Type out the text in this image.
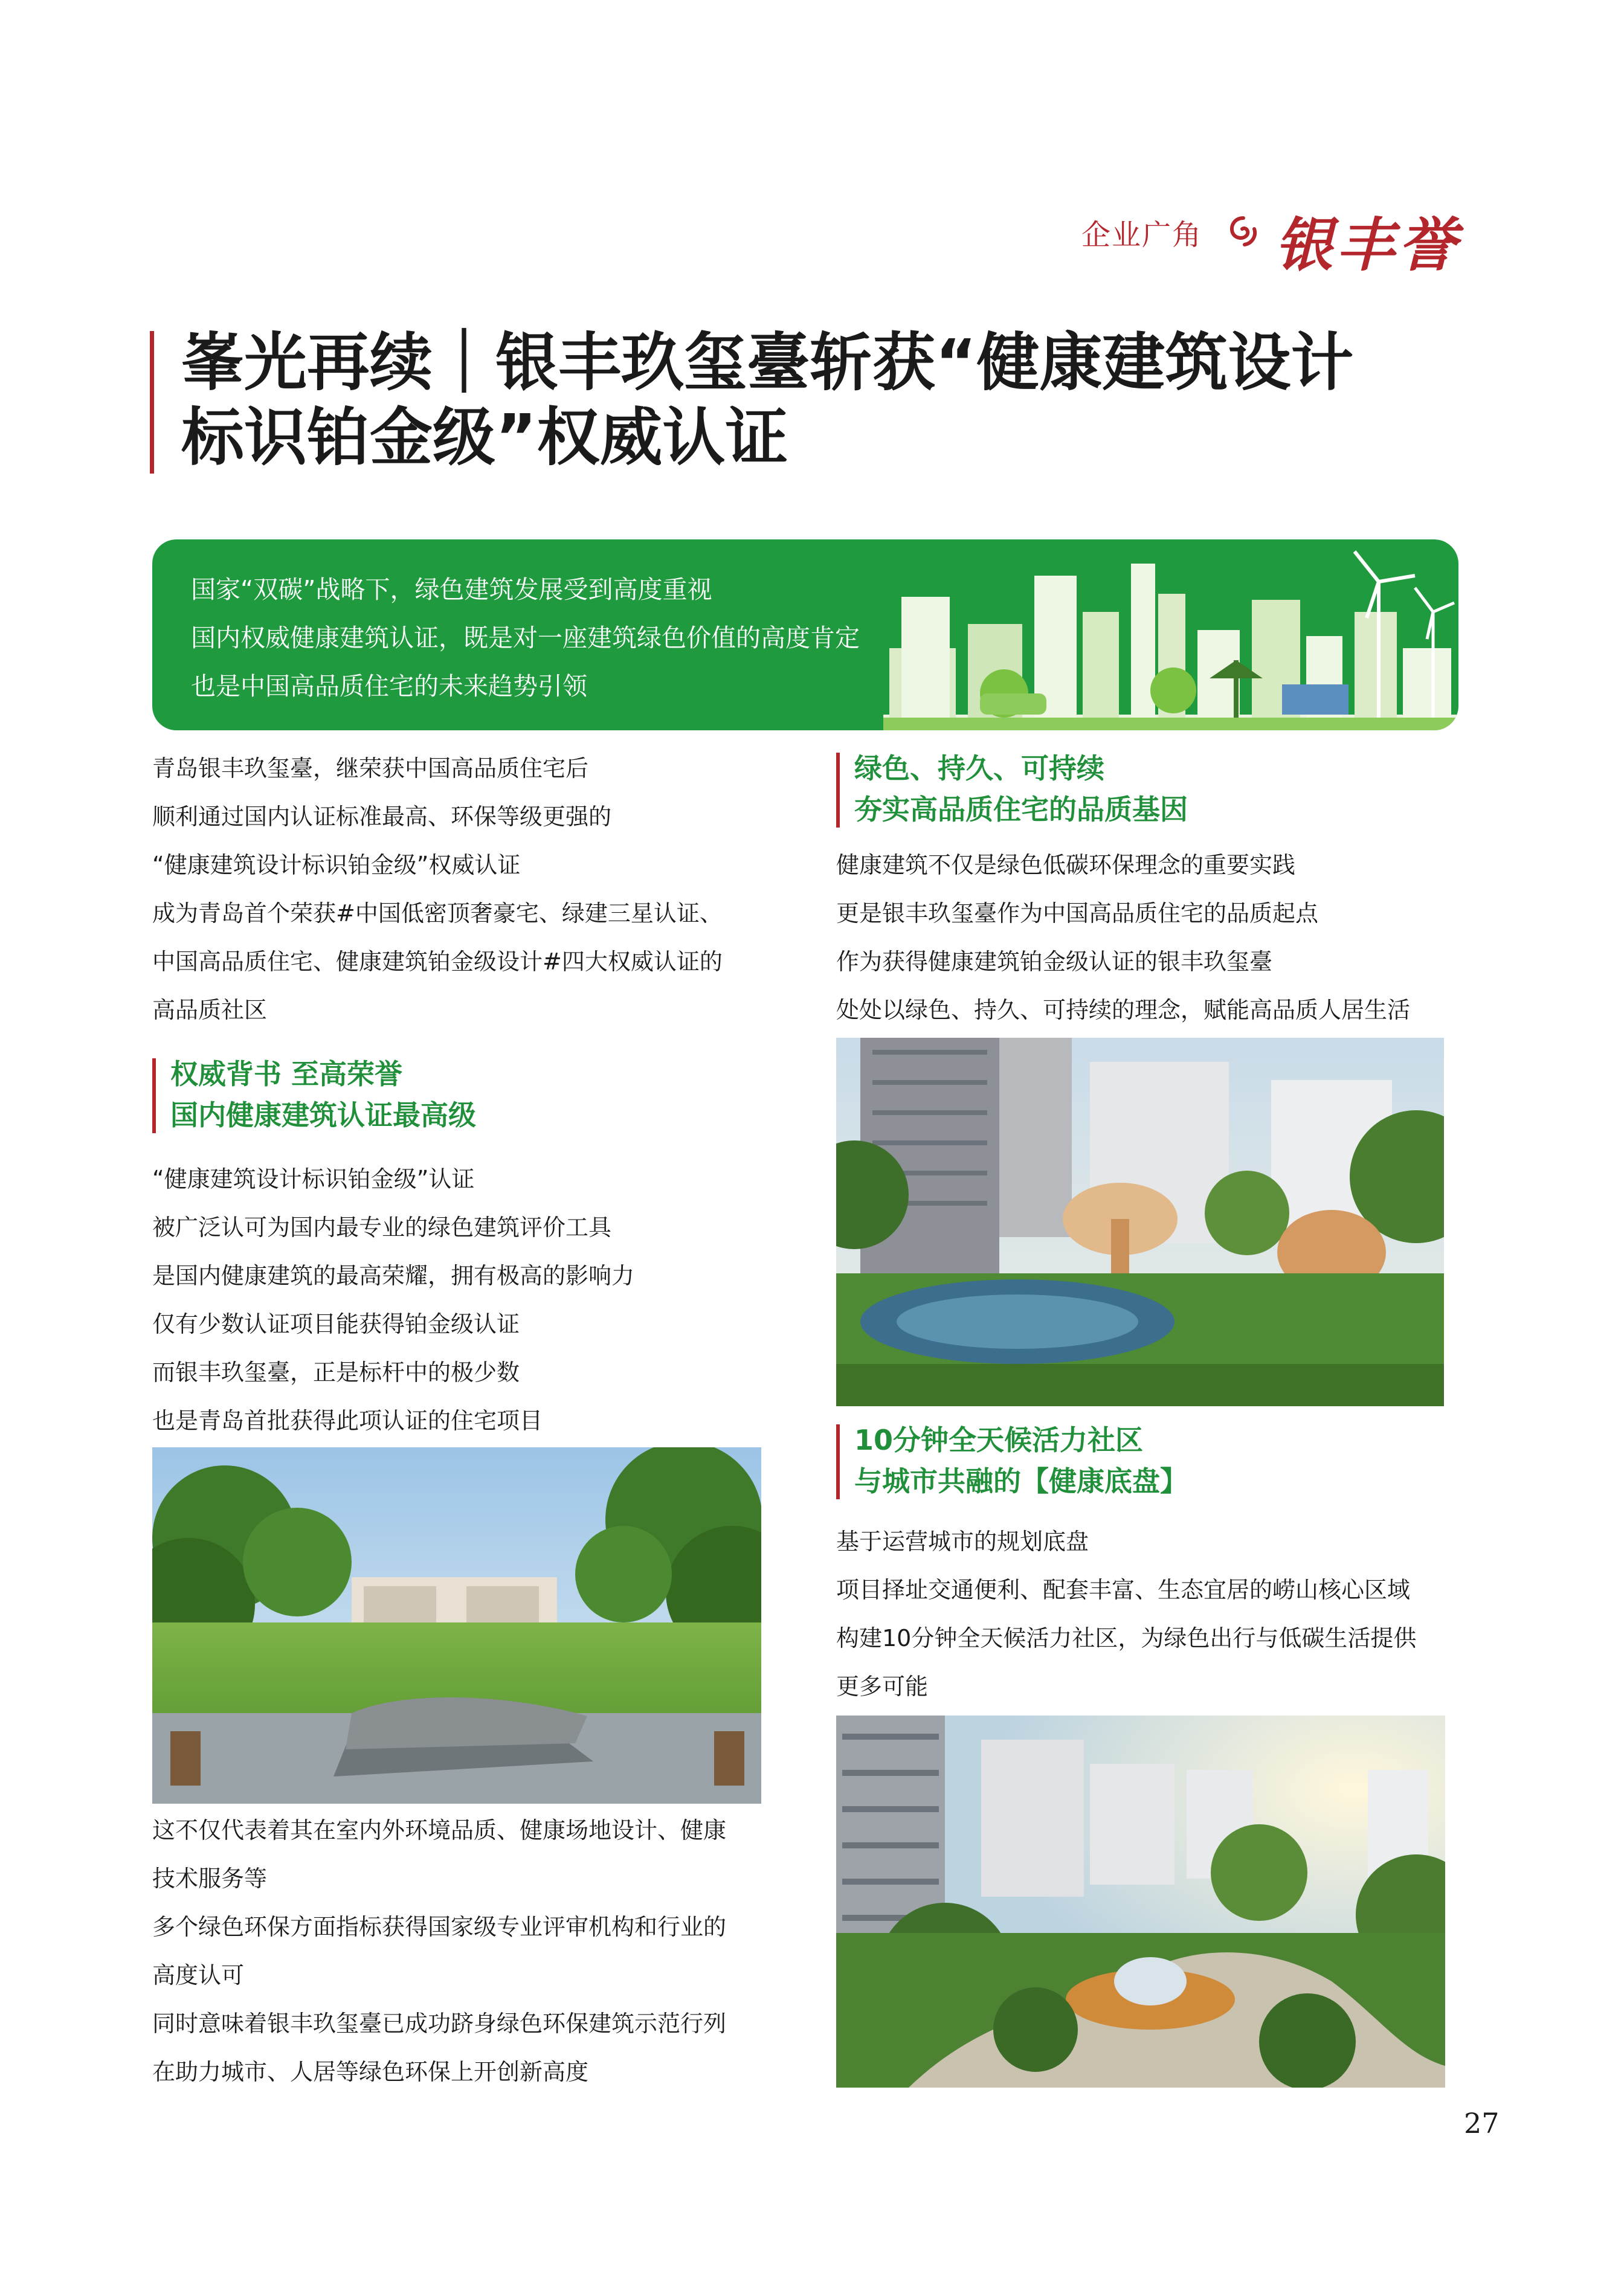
企业广角 银丰誉
峯光再续｜银丰玖玺臺斩获“健康建筑设计
标识铂金级”权威认证
国家“双碳”战略下，绿色建筑发展受到高度重视
国内权威健康建筑认证，既是对一座建筑绿色价值的高度肯定
也是中国高品质住宅的未来趋势引领
青岛银丰玖玺臺，继荣获中国高品质住宅后
顺利通过国内认证标准最高、环保等级更强的
“健康建筑设计标识铂金级”权威认证
成为青岛首个荣获#中国低密顶奢豪宅、绿建三星认证、
中国高品质住宅、健康建筑铂金级设计#四大权威认证的
高品质社区
权威背书 至高荣誉
国内健康建筑认证最高级
“健康建筑设计标识铂金级”认证
被广泛认可为国内最专业的绿色建筑评价工具
是国内健康建筑的最高荣耀，拥有极高的影响力
仅有少数认证项目能获得铂金级认证
而银丰玖玺臺，正是标杆中的极少数
也是青岛首批获得此项认证的住宅项目
这不仅代表着其在室内外环境品质、健康场地设计、健康
技术服务等
多个绿色环保方面指标获得国家级专业评审机构和行业的
高度认可
同时意味着银丰玖玺臺已成功跻身绿色环保建筑示范行列
在助力城市、人居等绿色环保上开创新高度
绿色、持久、可持续
夯实高品质住宅的品质基因
健康建筑不仅是绿色低碳环保理念的重要实践
更是银丰玖玺臺作为中国高品质住宅的品质起点
作为获得健康建筑铂金级认证的银丰玖玺臺
处处以绿色、持久、可持续的理念，赋能高品质人居生活
10分钟全天候活力社区
与城市共融的【健康底盘】
基于运营城市的规划底盘
项目择址交通便利、配套丰富、生态宜居的崂山核心区域
构建10分钟全天候活力社区，为绿色出行与低碳生活提供
更多可能
27
